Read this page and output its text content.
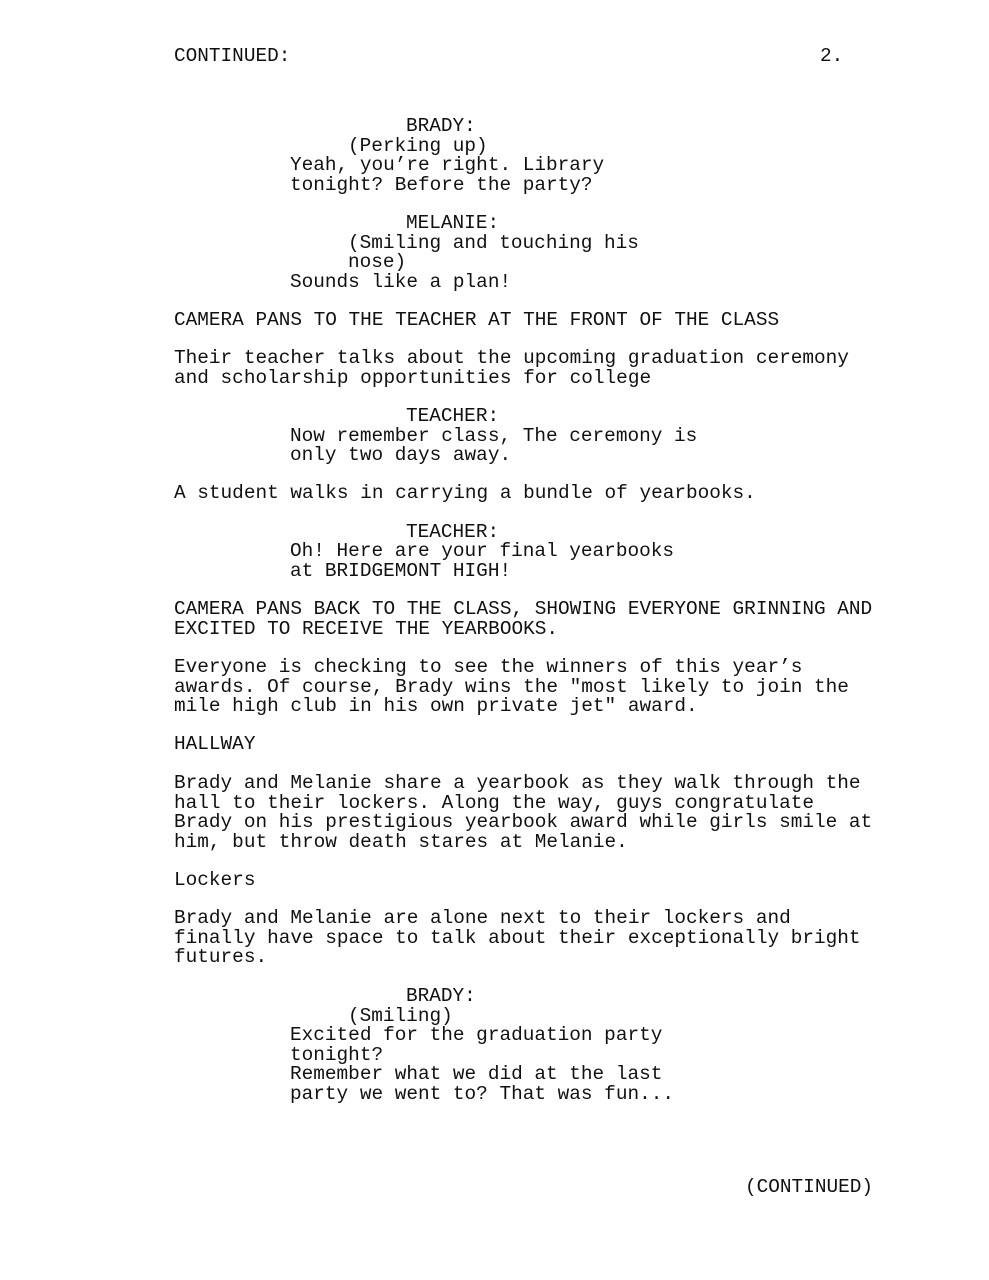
CONTINUED:	2.
BRADY:
(Perking up)
Yeah, you’re right. Library
tonight? Before the party?
MELANIE:
(Smiling and touching his
nose)
Sounds like a plan!
CAMERA PANS TO THE TEACHER AT THE FRONT OF THE CLASS
Their teacher talks about the upcoming graduation ceremony
and scholarship opportunities for college
TEACHER:
Now remember class, The ceremony is
only two days away.
A student walks in carrying a bundle of yearbooks.
TEACHER:
Oh! Here are your final yearbooks
at BRIDGEMONT HIGH!
CAMERA PANS BACK TO THE CLASS, SHOWING EVERYONE GRINNING AND
EXCITED TO RECEIVE THE YEARBOOKS.
Everyone is checking to see the winners of this year’s
awards. Of course, Brady wins the "most likely to join the
mile high club in his own private jet" award.
HALLWAY
Brady and Melanie share a yearbook as they walk through the
hall to their lockers. Along the way, guys congratulate
Brady on his prestigious yearbook award while girls smile at
him, but throw death stares at Melanie.
Lockers
Brady and Melanie are alone next to their lockers and
finally have space to talk about their exceptionally bright
futures.
BRADY:
(Smiling)
Excited for the graduation party
tonight?
Remember what we did at the last
party we went to? That was fun...
(CONTINUED)
